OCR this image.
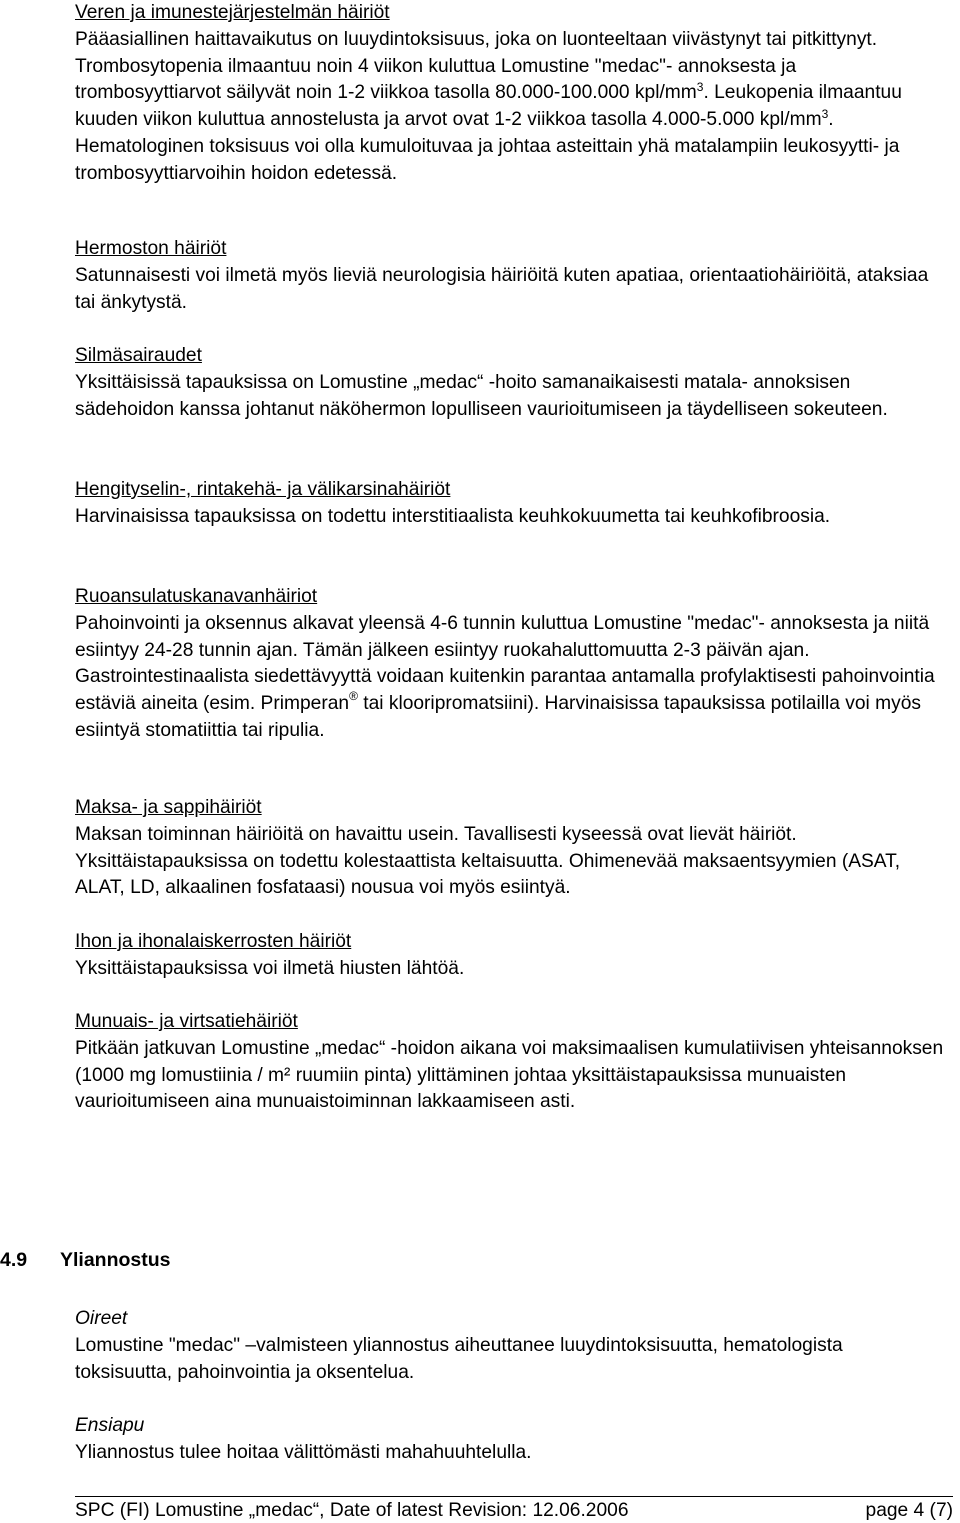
Veren ja imunestejärjestelmän häiriöt

Pääasiallinen haittavaikutus on luuydintoksisuus, joka on luonteeltaan viivästynyt tai pitkittynyt. Trombosytopenia ilmaantuu noin 4 viikon kuluttua Lomustine "medac"- annoksesta ja trombosyyttiarvot säilyvät noin 1-2 viikkoa tasolla 80.000-100.000 kpl/$mm^3$. Leukopenia ilmaantuu kuuden viikon kuluttua annostelusta ja arvot ovat 1-2 viikkoa tasolla 4.000-5.000 kpl/$mm^3$. Hematologinen toksisuus voi olla kumuloituvaa ja johtaa asteittain yhä matalampiin leukosyytti- ja trombosyyttiarvoihin hoidon edetessä.

Hermoston häiriöt

Satunnaisesti voi ilmetä myös lieviä neurologisia häiriöitä kuten apatiaa, orientaatiohäiriöitä, ataksiaa tai änkytystä.

Silmäsairaudet

Yksittäisissä tapauksissa on Lomustine „medac“ -hoito samanaikaisesti matala- annoksisen sädehoidon kanssa johtanut näköhermon lopulliseen vaurioitumiseen ja täydelliseen sokeuteen.

Hengityselin-, rintakehä- ja välikarsinahäiriöt

Harvinaisissa tapauksissa on todettu interstitiaalista keuhkokuumetta tai keuhkofibroosia.

Ruoansulatuskanavanhäiriot

Pahoinvointi ja oksennus alkavat yleensä 4-6 tunnin kuluttua Lomustine "medac"- annoksesta ja niitä esiintyy 24-28 tunnin ajan. Tämän jälkeen esiintyy ruokahaluttomuutta 2-3 päivän ajan. Gastrointestinaalista siedettävyyttä voidaan kuitenkin parantaa antamalla profylaktisesti pahoinvointia estäviä aineita (esim. Primperan® tai klooripromatsiini). Harvinaisissa tapauksissa potilailla voi myös esiintyä stomatiittia tai ripulia.

Maksa- ja sappihäiriöt

Maksan toiminnan häiriöitä on havaittu usein. Tavallisesti kyseessä ovat lievät häiriöt. Yksittäistapauksissa on todettu kolestaattista keltaisuutta. Ohimenevää maksaentsyymien (ASAT, ALAT, LD, alkaalinen fosfataasi) nousua voi myös esiintyä.

Ihon ja ihonalaiskerrosten häiriöt

Yksittäistapauksissa voi ilmetä hiusten lähtöä.

Munuais- ja virtsatiehäiriöt

Pitkään jatkuvan Lomustine „medac“ -hoidon aikana voi maksimaalisen kumulatiivisen yhteisannoksen (1000 mg lomustiinia / m² ruumiin pinta) ylittäminen johtaa yksittäistapauksissa munuaisten vaurioitumiseen aina munuaistoiminnan lakkaamiseen asti.

4.9 Yliannostus

Oireet

Lomustine "medac" –valmisteen yliannostus aiheuttanee luuydintoksisuutta, hematologista toksisuutta, pahoinvointia ja oksentelua.

Ensiapu

Yliannostus tulee hoitaa välittömästi mahahuuhtelulla.

SPC (FI) Lomustine „medac“, Date of latest Revision: 12.06.2006	page 4 (7)
